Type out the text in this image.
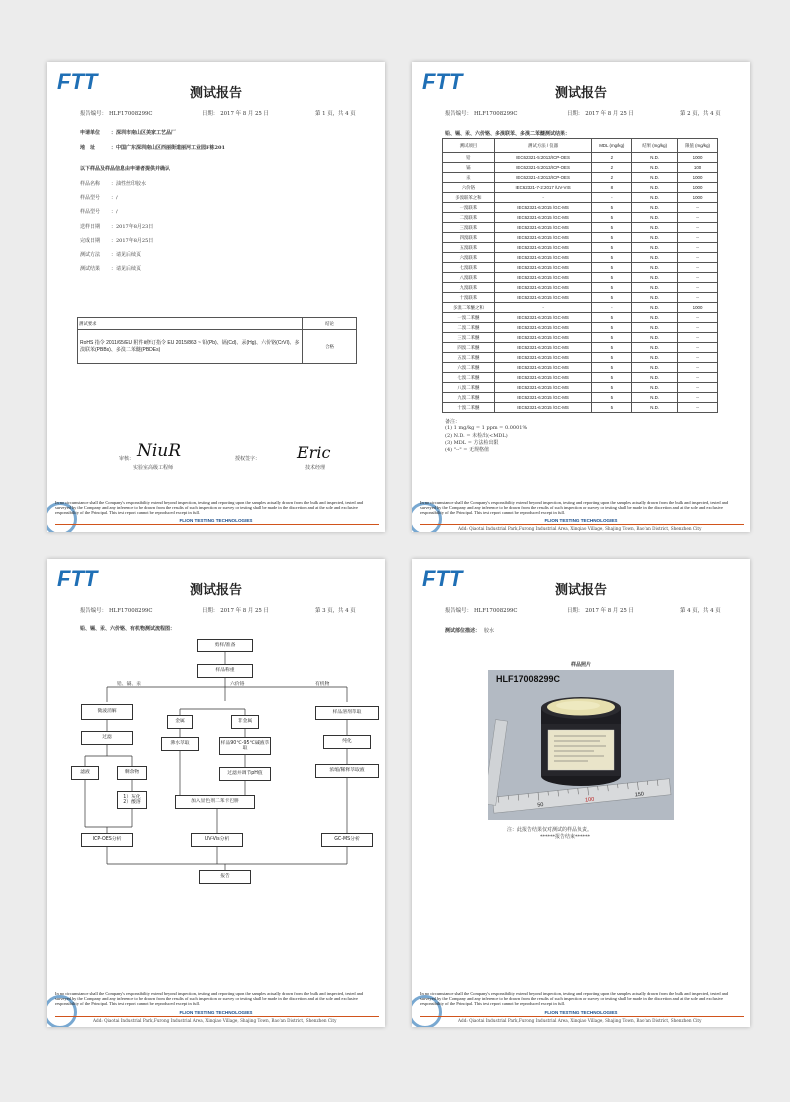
FTT	测试报告
报告编号： HLF17008299C	日期： 2017 年 8 月 25 日	第 1 页，共 4 页
申请单位 ：深圳市南山区美家工艺品厂
地　址	：中国广东深圳南山区西丽街道丽河工业园F栋201
以下样品及样品信息由申请者提供并确认
样品名称 ：油性丝印胶水
样品型号 ：/
样品型号 ：/
送样日期 ：2017年8月23日
完成日期 ：2017年8月25日
测试方法 ：请见后续页
测试结果 ：请见后续页
测试要求	结论
RoHS 指令 2011/65/EU 附件Ⅱ修订指令 EU 2015/863 ~ 铅(Pb)、镉(Cd)、汞(Hg)、六价铬(CrVI)、多溴联苯(PBBs)、多溴二苯醚(PBDEs)	合格
审核： NiuR
实验室高级工程师
授权签字： Eric
技术经理
In no circumstance shall the Company's responsibility extend beyond inspection, testing and reporting upon the samples actually drawn from the bulk and inspected, tested and surveyed by the Company and any inference to be drawn from the results of such inspection or survey or testing shall be made in the discretion and at the sole and exclusive responsibility of the Principal. This test report cannot be reproduced except in full.
FLION TESTING TECHNOLOGIES
FTT	测试报告
报告编号： HLF17008299C	日期： 2017 年 8 月 25 日	第 2 页，共 4 页
铅、镉、汞、六价铬、多溴联苯、多溴二苯醚测试结果：
测试项目	测试方法 / 仪器	MDL (mg/kg)	结果 (mg/kg)	限值 (mg/kg)
铅	IEC62321-5:2013/ICP-OES	2	N.D.	1000
镉	IEC62321-5:2013/ICP-OES	2	N.D.	100
汞	IEC62321-4:2013/ICP-OES	2	N.D.	1000
六价铬	IEC62321-7-2:2017 /UV-VIS	8	N.D.	1000
多溴联苯之和	-	-	N.D.	1000
一溴联苯	IEC62321-6:2015 /GC-MS	5	N.D.	--
二溴联苯	IEC62321-6:2015 /GC-MS	5	N.D.	--
三溴联苯	IEC62321-6:2015 /GC-MS	5	N.D.	--
四溴联苯	IEC62321-6:2015 /GC-MS	5	N.D.	--
五溴联苯	IEC62321-6:2015 /GC-MS	5	N.D.	--
六溴联苯	IEC62321-6:2015 /GC-MS	5	N.D.	--
七溴联苯	IEC62321-6:2015 /GC-MS	5	N.D.	--
八溴联苯	IEC62321-6:2015 /GC-MS	5	N.D.	--
九溴联苯	IEC62321-6:2015 /GC-MS	5	N.D.	--
十溴联苯	IEC62321-6:2015 /GC-MS	5	N.D.	--
多溴二苯醚之和	-	-	N.D.	1000
一溴二苯醚	IEC62321-6:2015 /GC-MS	5	N.D.	--
二溴二苯醚	IEC62321-6:2015 /GC-MS	5	N.D.	--
三溴二苯醚	IEC62321-6:2015 /GC-MS	5	N.D.	--
四溴二苯醚	IEC62321-6:2015 /GC-MS	5	N.D.	--
五溴二苯醚	IEC62321-6:2015 /GC-MS	5	N.D.	--
六溴二苯醚	IEC62321-6:2015 /GC-MS	5	N.D.	--
七溴二苯醚	IEC62321-6:2015 /GC-MS	5	N.D.	--
八溴二苯醚	IEC62321-6:2015 /GC-MS	5	N.D.	--
九溴二苯醚	IEC62321-6:2015 /GC-MS	5	N.D.	--
十溴二苯醚	IEC62321-6:2015 /GC-MS	5	N.D.	--
备注：
(1) 1 mg/kg = 1 ppm = 0.0001%
(2) N.D. = 未检出(<MDL)
(3) MDL = 方法检出限
(4) "--" = 无规格值
In no circumstance shall the Company's responsibility extend beyond inspection, testing and reporting upon the samples actually drawn from the bulk and inspected, tested and surveyed by the Company and any inference to be drawn from the results of such inspection or survey or testing shall be made in the discretion and at the sole and exclusive responsibility of the Principal. This test report cannot be reproduced except in full.
FLION TESTING TECHNOLOGIES
Add: Qiaotai Industrial Park,Furong Industrial Area, Xinqiao Village, Shajing Town, Bao'an District, Shenzhen City
FTT	测试报告
报告编号： HLF17008299C	日期： 2017 年 8 月 25 日	第 3 页，共 4 页
铅、镉、汞、六价铬、有机物测试流程图：
剪样/准备
样品称重
铅、镉、汞	六价铬	有机物
微波消解
过滤
滤液	剩余物
1）灰化
2）酸溶
金属	非金属
沸水萃取	样品90℃-95℃碱液萃取
过滤并调节pH值
加入显色剂二苯卡巴肼
样品溶剂萃取
纯化
浓缩/稀释萃取液
ICP-OES分析	UV-Vis分析	GC-MS分析
报告
In no circumstance shall the Company's responsibility extend beyond inspection, testing and reporting upon the samples actually drawn from the bulk and inspected, tested and surveyed by the Company and any inference to be drawn from the results of such inspection or survey or testing shall be made in the discretion and at the sole and exclusive responsibility of the Principal. This test report cannot be reproduced except in full.
FLION TESTING TECHNOLOGIES
Add: Qiaotai Industrial Park,Furong Industrial Area, Xinqiao Village, Shajing Town, Bao'an District, Shenzhen City
FTT	测试报告
报告编号： HLF17008299C	日期： 2017 年 8 月 25 日	第 4 页，共 4 页
测试部位描述： 胶水
样品照片
50
100
150
HLF17008299C
注：此报告结果仅对测试的样品负责。
******报告结束******
In no circumstance shall the Company's responsibility extend beyond inspection, testing and reporting upon the samples actually drawn from the bulk and inspected, tested and surveyed by the Company and any inference to be drawn from the results of such inspection or survey or testing shall be made in the discretion and at the sole and exclusive responsibility of the Principal. This test report cannot be reproduced except in full.
FLION TESTING TECHNOLOGIES
Add: Qiaotai Industrial Park,Furong Industrial Area, Xinqiao Village, Shajing Town, Bao'an District, Shenzhen City
